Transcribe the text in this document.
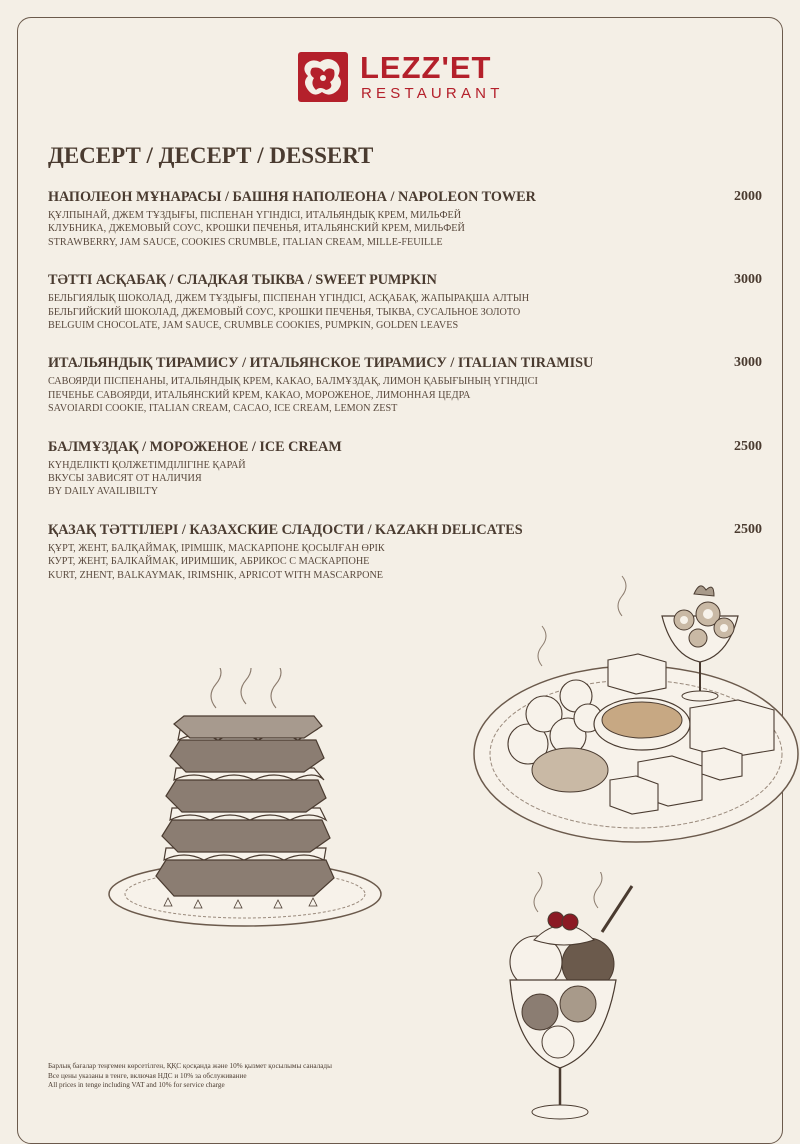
LEZZ'ET
RESTAURANT
ДЕСЕРТ / ДЕСЕРТ / DESSERT
НАПОЛЕОН МҰНАРАСЫ / БАШНЯ НАПОЛЕОНА / NAPOLEON TOWER	2000
ҚҰЛПЫНАЙ, ДЖЕМ ТҰЗДЫҒЫ, ПІСПЕНАН ҮГІНДІСІ, ИТАЛЬЯНДЫҚ КРЕМ, МИЛЬФЕЙ
КЛУБНИКА, ДЖЕМОВЫЙ СОУС, КРОШКИ ПЕЧЕНЬЯ, ИТАЛЬЯНСКИЙ КРЕМ, МИЛЬФЕЙ
STRAWBERRY, JAM SAUCE, COOKIES CRUMBLE, ITALIAN CREAM, MILLE-FEUILLE
ТӘТТІ АСҚАБАҚ / СЛАДКАЯ ТЫКВА / SWEET PUMPKIN	3000
БЕЛЬГИЯЛЫҚ ШОКОЛАД, ДЖЕМ ТҰЗДЫҒЫ, ПІСПЕНАН ҮГІНДІСІ, АСҚАБАҚ, ЖАПЫРАҚША АЛТЫН
БЕЛЬГИЙСКИЙ ШОКОЛАД, ДЖЕМОВЫЙ СОУС, КРОШКИ ПЕЧЕНЬЯ, ТЫКВА, СУСАЛЬНОЕ ЗОЛОТО
BELGUIM CHOCOLATE, JAM SAUCE, CRUMBLE COOKIES, PUMPKIN, GOLDEN LEAVES
ИТАЛЬЯНДЫҚ ТИРАМИСУ / ИТАЛЬЯНСКОЕ ТИРАМИСУ / ITALIAN TIRAMISU	3000
САВОЯРДИ ПІСПЕНАНЫ, ИТАЛЬЯНДЫҚ КРЕМ, КАКАО, БАЛМҰЗДАҚ, ЛИМОН ҚАБЫҒЫНЫҢ ҮГІНДІСІ
ПЕЧЕНЬЕ САВОЯРДИ, ИТАЛЬЯНСКИЙ КРЕМ, КАКАО, МОРОЖЕНОЕ, ЛИМОННАЯ ЦЕДРА
SAVOIARDI COOKIE, ITALIAN CREAM, CACAO, ICE CREAM, LEMON ZEST
БАЛМҰЗДАҚ / МОРОЖЕНОЕ / ICE CREAM	2500
КҮНДЕЛІКТІ ҚОЛЖЕТІМДІЛІГІНЕ ҚАРАЙ
ВКУСЫ ЗАВИСЯТ ОТ НАЛИЧИЯ
BY DAILY AVAILIBILTY
ҚАЗАҚ ТӘТТІЛЕРІ / КАЗАХСКИЕ СЛАДОСТИ / KAZAKH DELICATES	2500
ҚҰРТ, ЖЕНТ, БАЛҚАЙМАҚ, ІРІМШІК, МАСКАРПОНЕ ҚОСЫЛҒАН ӨРІК
КУРТ, ЖЕНТ, БАЛКАЙМАК, ИРИМШИК, АБРИКОС С МАСКАРПОНЕ
KURT, ZHENT, BALKAYMAK, IRIMSHIK, APRICOT WITH MASCARPONE
Барлық бағалар теңгемен көрсетілген, ҚҚС қосқанда және 10% қызмет қосылымы саналады
Все цены указаны в тенге, включая НДС и 10% за обслуживание
All prices in tenge including VAT and 10% for service charge
